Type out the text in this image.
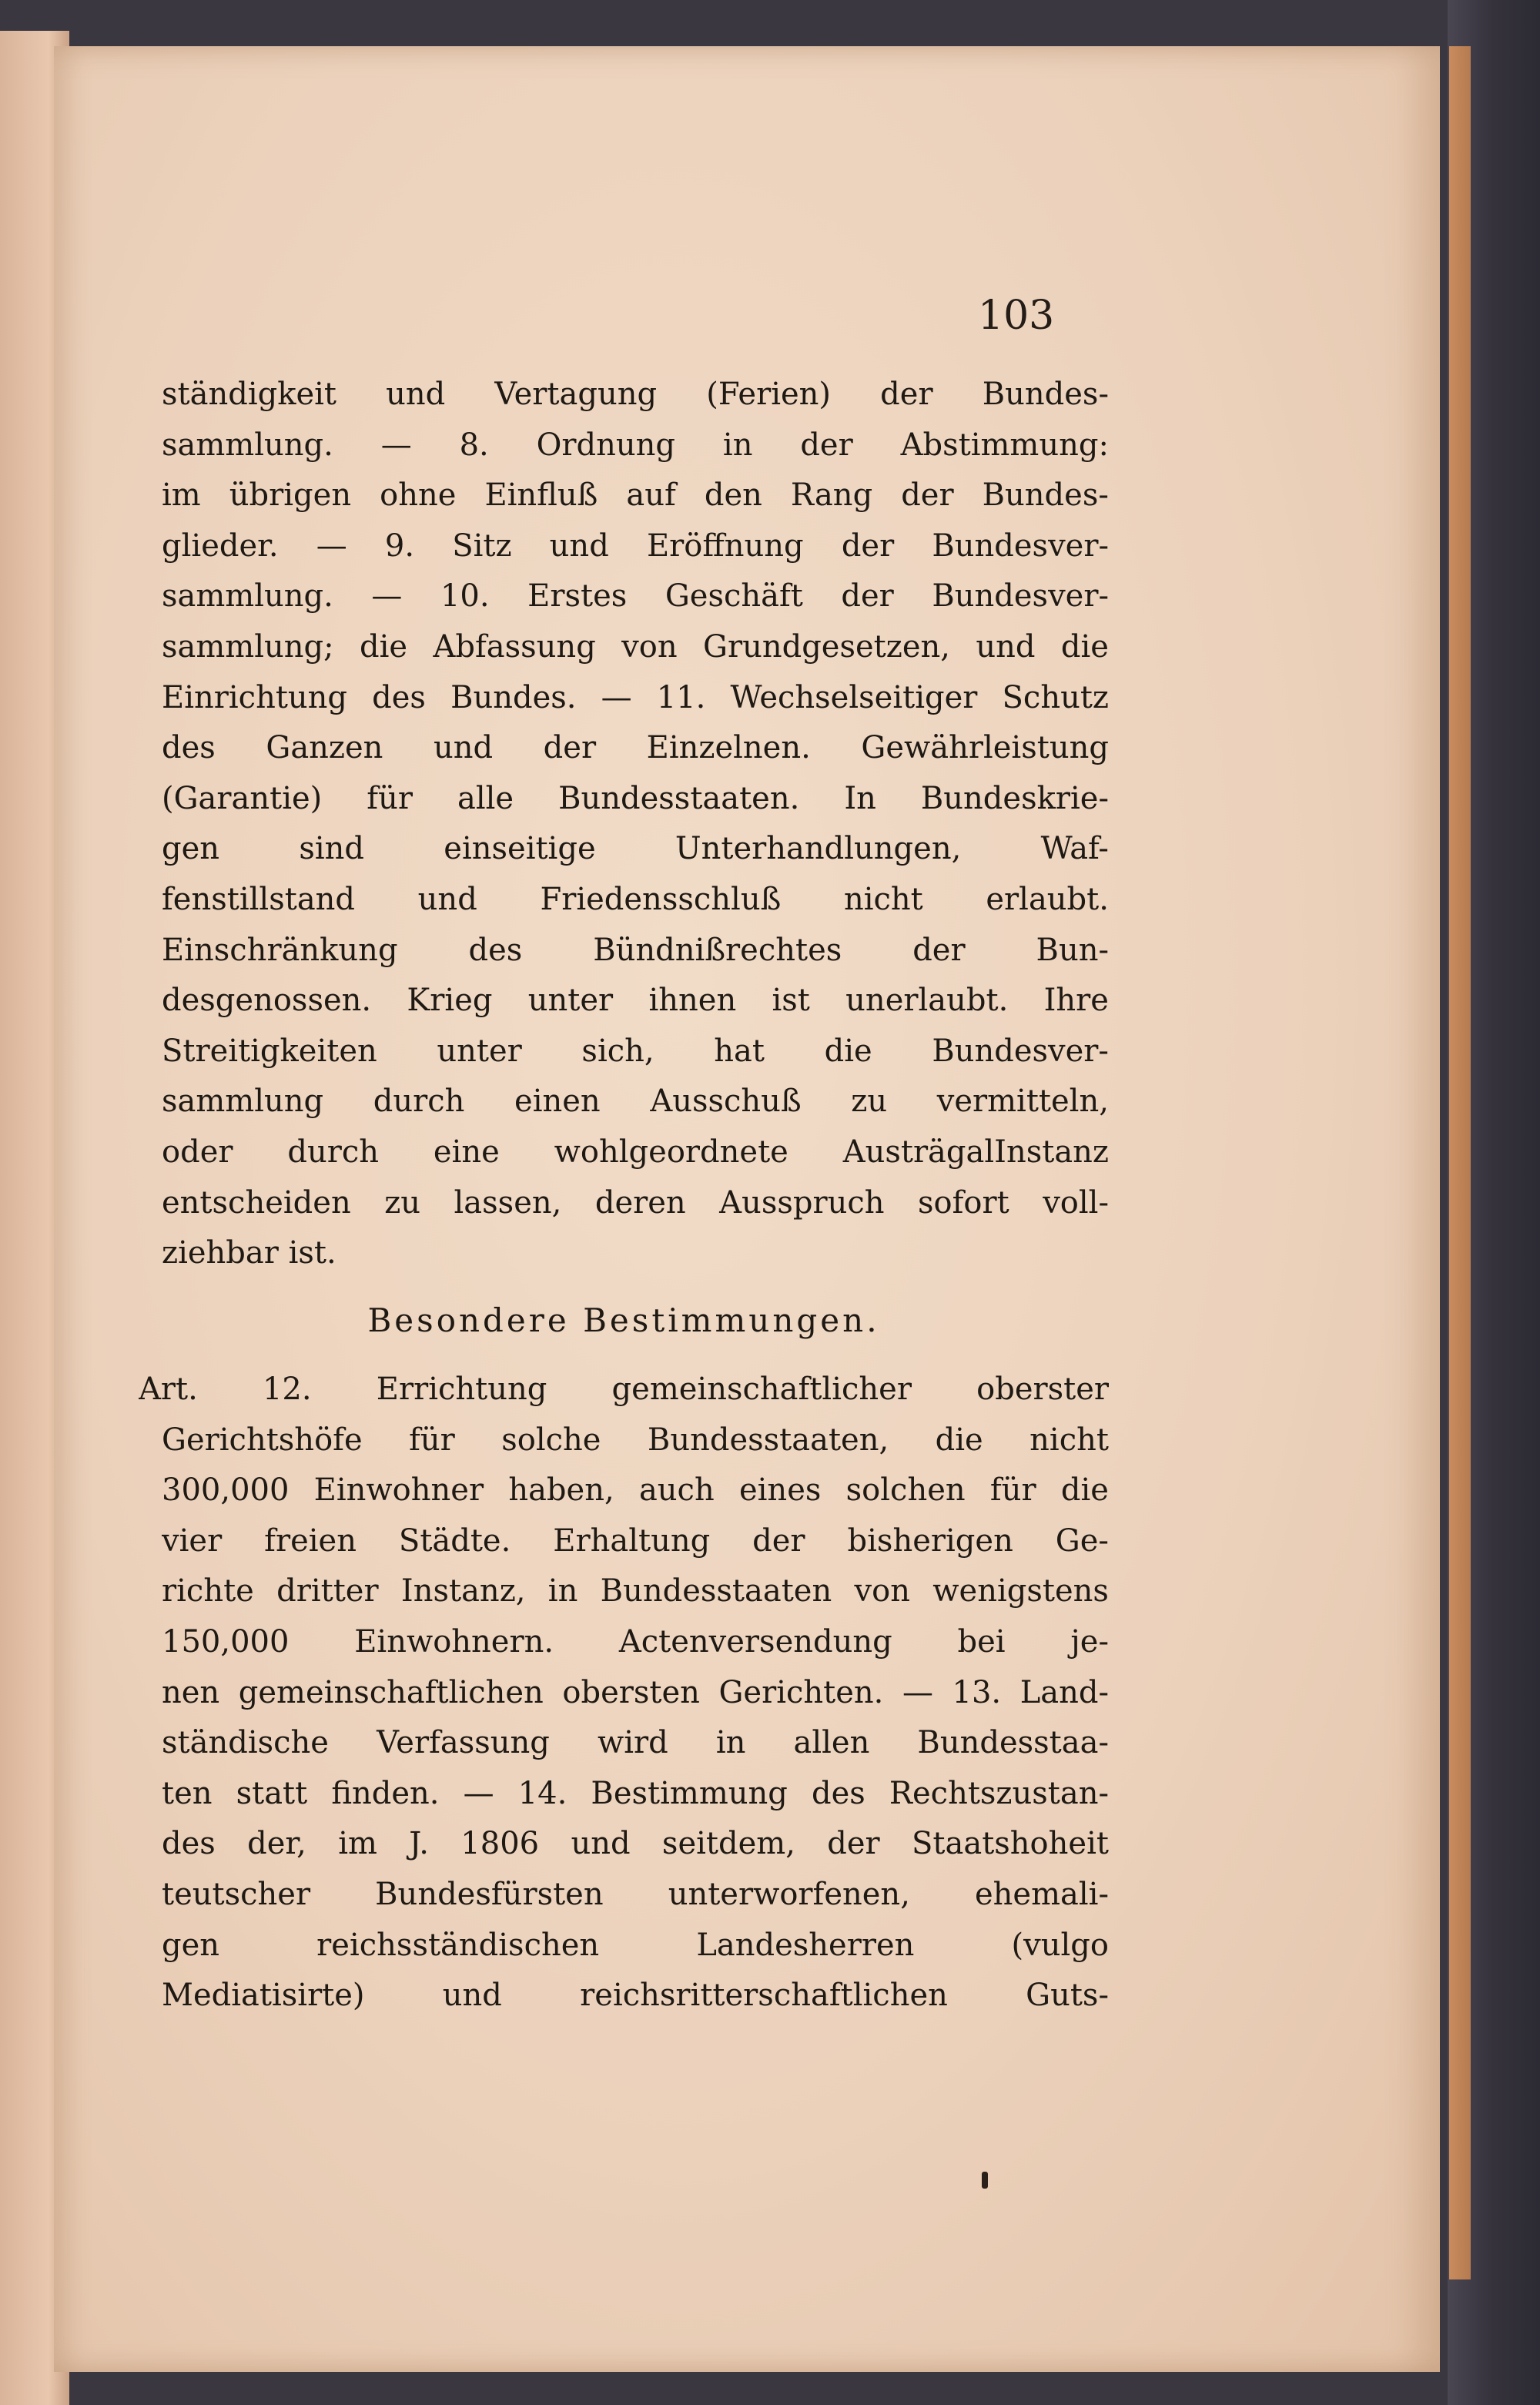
103
ständigkeit und Vertagung (Ferien) der Bundes-
sammlung. — 8. Ordnung in der Abstimmung:
im übrigen ohne Einfluß auf den Rang der Bundes-
glieder. — 9. Sitz und Eröffnung der Bundesver-
sammlung. — 10. Erstes Geschäft der Bundesver-
sammlung; die Abfassung von Grundgesetzen, und die
Einrichtung des Bundes. — 11. Wechselseitiger Schutz
des Ganzen und der Einzelnen. Gewährleistung
(Garantie) für alle Bundesstaaten. In Bundeskrie-
gen	sind	einseitige	Unterhandlungen,	Waf-
fenstillstand und Friedensschluß nicht erlaubt.
Einschränkung des Bündnißrechtes der Bun-
desgenossen. Krieg unter ihnen ist unerlaubt. Ihre
Streitigkeiten unter sich, hat die Bundesver-
sammlung durch einen Ausschuß zu vermitteln,
oder durch eine wohlgeordnete AusträgalInstanz
entscheiden zu lassen, deren Ausspruch sofort voll-
ziehbar ist.
Besondere Bestimmungen.
Art. 12. Errichtung gemeinschaftlicher oberster
Gerichtshöfe für solche Bundesstaaten, die nicht
300,000 Einwohner haben, auch eines solchen für die
vier freien Städte. Erhaltung der bisherigen Ge-
richte dritter Instanz, in Bundesstaaten von wenigstens
150,000 Einwohnern. Actenversendung bei je-
nen gemeinschaftlichen obersten Gerichten. — 13. Land-
ständische Verfassung wird in allen Bundesstaa-
ten statt finden. — 14. Bestimmung des Rechtszustan-
des der, im J. 1806 und seitdem, der Staatshoheit
teutscher Bundesfürsten unterworfenen, ehemali-
gen	reichsständischen	Landesherren	(vulgo
Mediatisirte)	und	reichsritterschaftlichen	Guts-
